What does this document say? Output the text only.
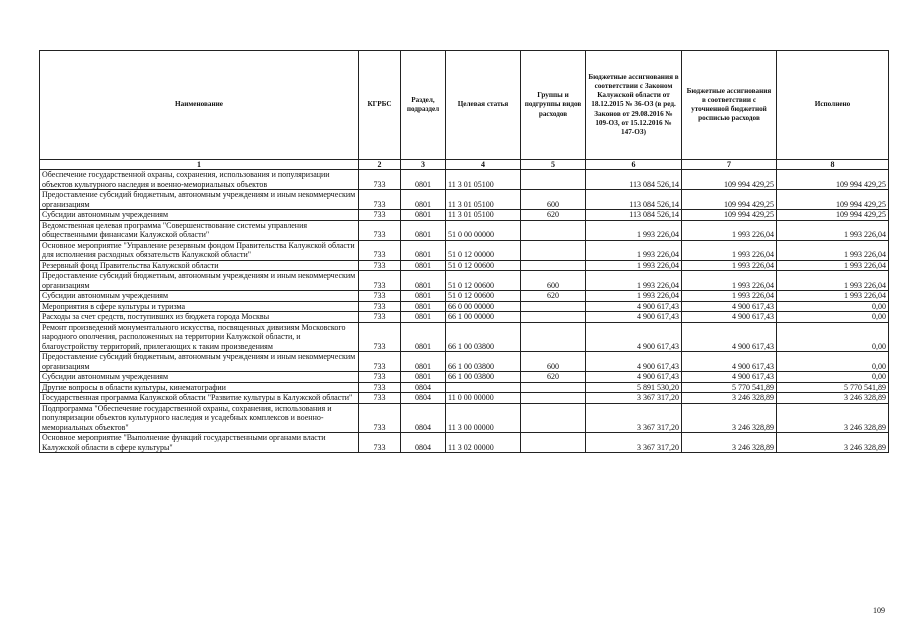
Наименование	КГРБС	Раздел, подраздел	Целевая статья	Группы и подгруппы видов расходов	Бюджетные ассигнования в соответствии с Законом Калужской области от 18.12.2015 № 36-ОЗ (в ред. Законов от 29.08.2016 № 109-ОЗ, от 15.12.2016 № 147-ОЗ)	Бюджетные ассигнования в соответствии с уточненной бюджетной росписью расходов	Исполнено
1	2	3	4	5	6	7	8
Обеспечение государственной охраны, сохранения, использования и популяризации объектов культурного наследия и военно-мемориальных объектов	733	0801	11 3 01 05100		113 084 526,14	109 994 429,25	109 994 429,25
Предоставление субсидий бюджетным, автономным учреждениям и иным некоммерческим организациям	733	0801	11 3 01 05100	600	113 084 526,14	109 994 429,25	109 994 429,25
Субсидии автономным учреждениям	733	0801	11 3 01 05100	620	113 084 526,14	109 994 429,25	109 994 429,25
Ведомственная целевая программа "Совершенствование системы управления общественными финансами Калужской области"	733	0801	51 0 00 00000		1 993 226,04	1 993 226,04	1 993 226,04
Основное мероприятие "Управление резервным фондом Правительства Калужской области для исполнения расходных обязательств Калужской области"	733	0801	51 0 12 00000		1 993 226,04	1 993 226,04	1 993 226,04
Резервный фонд Правительства Калужской области	733	0801	51 0 12 00600		1 993 226,04	1 993 226,04	1 993 226,04
Предоставление субсидий бюджетным, автономным учреждениям и иным некоммерческим организациям	733	0801	51 0 12 00600	600	1 993 226,04	1 993 226,04	1 993 226,04
Субсидии автономным учреждениям	733	0801	51 0 12 00600	620	1 993 226,04	1 993 226,04	1 993 226,04
Мероприятия в сфере культуры и туризма	733	0801	66 0 00 00000		4 900 617,43	4 900 617,43	0,00
Расходы за счет средств, поступивших из бюджета города Москвы	733	0801	66 1 00 00000		4 900 617,43	4 900 617,43	0,00
Ремонт произведений монументального искусства, посвященных дивизиям Московского народного ополчения, расположенных на территории Калужской области, и благоустройству территорий, прилегающих к таким произведениям	733	0801	66 1 00 03800		4 900 617,43	4 900 617,43	0,00
Предоставление субсидий бюджетным, автономным учреждениям и иным некоммерческим организациям	733	0801	66 1 00 03800	600	4 900 617,43	4 900 617,43	0,00
Субсидии автономным учреждениям	733	0801	66 1 00 03800	620	4 900 617,43	4 900 617,43	0,00
Другие вопросы в области культуры, кинематографии	733	0804			5 891 530,20	5 770 541,89	5 770 541,89
Государственная программа Калужской области "Развитие культуры в Калужской области"	733	0804	11 0 00 00000		3 367 317,20	3 246 328,89	3 246 328,89
Подпрограмма "Обеспечение государственной охраны, сохранения, использования и популяризации объектов культурного наследия и усадебных комплексов и военно-мемориальных объектов"	733	0804	11 3 00 00000		3 367 317,20	3 246 328,89	3 246 328,89
Основное мероприятие "Выполнение функций государственными органами власти Калужской области в сфере культуры"	733	0804	11 3 02 00000		3 367 317,20	3 246 328,89	3 246 328,89
109
